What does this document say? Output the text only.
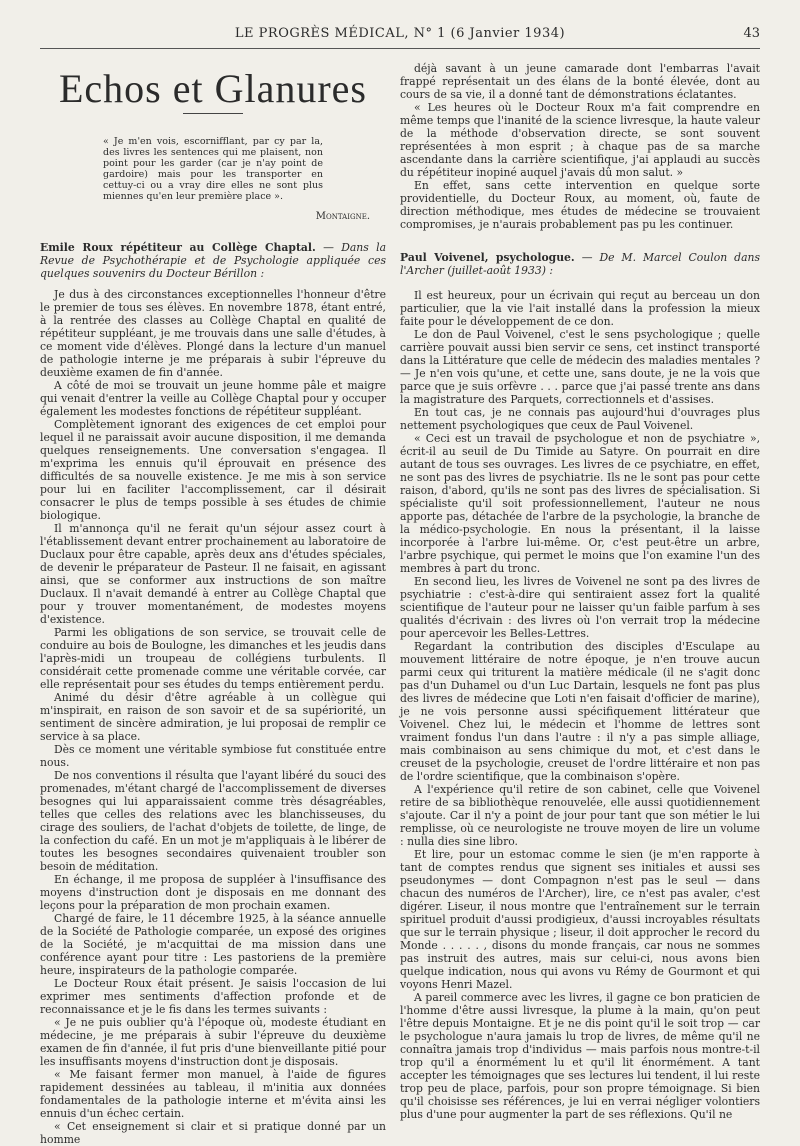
LE PROGRÈS MÉDICAL, N° 1 (6 Janvier 1934)	43
Echos et Glanures
« Je m'en vois, escornifflant, par cy par la, des livres les sentences qui me plaisent, non point pour les garder (car je n'ay point de gardoire) mais pour les transporter en cettuy-ci ou a vray dire elles ne sont plus miennes qu'en leur première place ».
Montaigne.

Emile Roux répétiteur au Collège Chaptal. — Dans la Revue de Psychothérapie et de Psychologie appliquée ces quelques souvenirs du Docteur Bérillon :

Je dus à des circonstances exceptionnelles l'honneur d'être le premier de tous ses élèves. En novembre 1878, étant entré, à la rentrée des classes au Collège Chaptal en qualité de répétiteur suppléant, je me trouvais dans une salle d'études, à ce moment vide d'élèves. Plongé dans la lecture d'un manuel de pathologie interne je me préparais à subir l'épreuve du deuxième examen de fin d'année.

A côté de moi se trouvait un jeune homme pâle et maigre qui venait d'entrer la veille au Collège Chaptal pour y occuper également les modestes fonctions de répétiteur suppléant.

Complètement ignorant des exigences de cet emploi pour lequel il ne paraissait avoir aucune disposition, il me demanda quelques renseignements. Une conversation s'engagea. Il m'exprima les ennuis qu'il éprouvait en présence des difficultés de sa nouvelle existence. Je me mis à son service pour lui en faciliter l'accomplissement, car il désirait consacrer le plus de temps possible à ses études de chimie biologique.

Il m'annonça qu'il ne ferait qu'un séjour assez court à l'établissement devant entrer prochainement au laboratoire de Duclaux pour être capable, après deux ans d'études spéciales, de devenir le préparateur de Pasteur. Il ne faisait, en agissant ainsi, que se conformer aux instructions de son maître Duclaux. Il n'avait demandé à entrer au Collège Chaptal que pour y trouver momentanément, de modestes moyens d'existence.

Parmi les obligations de son service, se trouvait celle de conduire au bois de Boulogne, les dimanches et les jeudis dans l'après-midi un troupeau de collégiens turbulents. Il considérait cette promenade comme une véritable corvée, car elle représentait pour ses études du temps entièrement perdu.

Animé du désir d'être agréable à un collègue qui m'inspirait, en raison de son savoir et de sa supériorité, un sentiment de sincère admiration, je lui proposai de remplir ce service à sa place.

Dès ce moment une véritable symbiose fut constituée entre nous.

De nos conventions il résulta que l'ayant libéré du souci des promenades, m'étant chargé de l'accomplissement de diverses besognes qui lui apparaissaient comme très désagréables, telles que celles des relations avec les blanchisseuses, du cirage des souliers, de l'achat d'objets de toilette, de linge, de la confection du café. En un mot je m'appliquais à le libérer de toutes les besognes secondaires quivenaient troubler son besoin de méditation.

En échange, il me proposa de suppléer à l'insuffisance des moyens d'instruction dont je disposais en me donnant des leçons pour la préparation de mon prochain examen.

Chargé de faire, le 11 décembre 1925, à la séance annuelle de la Société de Pathologie comparée, un exposé des origines de la Société, je m'acquittai de ma mission dans une conférence ayant pour titre : Les pastoriens de la première heure, inspirateurs de la pathologie comparée.

Le Docteur Roux était présent. Je saisis l'occasion de lui exprimer mes sentiments d'affection profonde et de reconnaissance et je le fis dans les termes suivants :

« Je ne puis oublier qu'à l'époque où, modeste étudiant en médecine, je me préparais à subir l'épreuve du deuxième examen de fin d'année, il fut pris d'une bienveillante pitié pour les insuffisants moyens d'instruction dont je disposais.

« Me faisant fermer mon manuel, à l'aide de figures rapidement dessinées au tableau, il m'initia aux données fondamentales de la pathologie interne et m'évita ainsi les ennuis d'un échec certain.

« Cet enseignement si clair et si pratique donné par un homme

déjà savant à un jeune camarade dont l'embarras l'avait frappé représentait un des élans de la bonté élevée, dont au cours de sa vie, il a donné tant de démonstrations éclatantes.

« Les heures où le Docteur Roux m'a fait comprendre en même temps que l'inanité de la science livresque, la haute valeur de la méthode d'observation directe, se sont souvent représentées à mon esprit ; à chaque pas de sa marche ascendante dans la carrière scientifique, j'ai applaudi au succès du répétiteur inopiné auquel j'avais dû mon salut. »

En effet, sans cette intervention en quelque sorte providentielle, du Docteur Roux, au moment, où, faute de direction méthodique, mes études de médecine se trouvaient compromises, je n'aurais probablement pas pu les continuer.

Paul Voivenel, psychologue. — De M. Marcel Coulon dans l'Archer (juillet-août 1933) :

Il est heureux, pour un écrivain qui reçut au berceau un don particulier, que la vie l'ait installé dans la profession la mieux faite pour le développement de ce don.

Le don de Paul Voivenel, c'est le sens psychologique ; quelle carrière pouvait aussi bien servir ce sens, cet instinct transporté dans la Littérature que celle de médecin des maladies mentales ? — Je n'en vois qu'une, et cette une, sans doute, je ne la vois que parce que je suis orfèvre . . . parce que j'ai passé trente ans dans la magistrature des Parquets, correctionnels et d'assises.

En tout cas, je ne connais pas aujourd'hui d'ouvrages plus nettement psychologiques que ceux de Paul Voivenel.

« Ceci est un travail de psychologue et non de psychiatre », écrit-il au seuil de Du Timide au Satyre. On pourrait en dire autant de tous ses ouvrages. Les livres de ce psychiatre, en effet, ne sont pas des livres de psychiatrie. Ils ne le sont pas pour cette raison, d'abord, qu'ils ne sont pas des livres de spécialisation. Si spécialiste qu'il soit professionnellement, l'auteur ne nous apporte pas, détachée de l'arbre de la psychologie, la branche de la médico-psychologie. En nous la présentant, il la laisse incorporée à l'arbre lui-même. Or, c'est peut-être un arbre, l'arbre psychique, qui permet le moins que l'on examine l'un des membres à part du tronc.

En second lieu, les livres de Voivenel ne sont pa des livres de psychiatrie : c'est-à-dire qui sentiraient assez fort la qualité scientifique de l'auteur pour ne laisser qu'un faible parfum à ses qualités d'écrivain : des livres où l'on verrait trop la médecine pour apercevoir les Belles-Lettres.

Regardant la contribution des disciples d'Esculape au mouvement littéraire de notre époque, je n'en trouve aucun parmi ceux qui triturent la matière médicale (il ne s'agit donc pas d'un Duhamel ou d'un Luc Dartain, lesquels ne font pas plus des livres de médecine que Loti n'en faisait d'officier de marine), je ne vois personne aussi spécifiquement littérateur que Voivenel. Chez lui, le médecin et l'homme de lettres sont vraiment fondus l'un dans l'autre : il n'y a pas simple alliage, mais combinaison au sens chimique du mot, et c'est dans le creuset de la psychologie, creuset de l'ordre littéraire et non pas de l'ordre scientifique, que la combinaison s'opère.

A l'expérience qu'il retire de son cabinet, celle que Voivenel retire de sa bibliothèque renouvelée, elle aussi quotidiennement s'ajoute. Car il n'y a point de jour pour tant que son métier le lui remplisse, où ce neurologiste ne trouve moyen de lire un volume : nulla dies sine libro.

Et lire, pour un estomac comme le sien (je m'en rapporte à tant de comptes rendus que signent ses initiales et aussi ses pseudonymes — dont Compagnon n'est pas le seul — dans chacun des numéros de l'Archer), lire, ce n'est pas avaler, c'est digérer. Liseur, il nous montre que l'entraînement sur le terrain spirituel produit d'aussi prodigieux, d'aussi incroyables résultats que sur le terrain physique ; liseur, il doit approcher le record du Monde . . . . . , disons du monde français, car nous ne sommes pas instruit des autres, mais sur celui-ci, nous avons bien quelque indication, nous qui avons vu Rémy de Gourmont et qui voyons Henri Mazel.

A pareil commerce avec les livres, il gagne ce bon praticien de l'homme d'être aussi livresque, la plume à la main, qu'on peut l'être depuis Montaigne. Et je ne dis point qu'il le soit trop — car le psychologue n'aura jamais lu trop de livres, de même qu'il ne connaîtra jamais trop d'individus — mais parfois nous montre-t-il trop qu'il a énormément lu et qu'il lit énormément. A tant accepter les témoignages que ses lectures lui tendent, il lui reste trop peu de place, parfois, pour son propre témoignage. Si bien qu'il choisisse ses références, je lui en verrai négliger volontiers plus d'une pour augmenter la part de ses réflexions. Qu'il ne
